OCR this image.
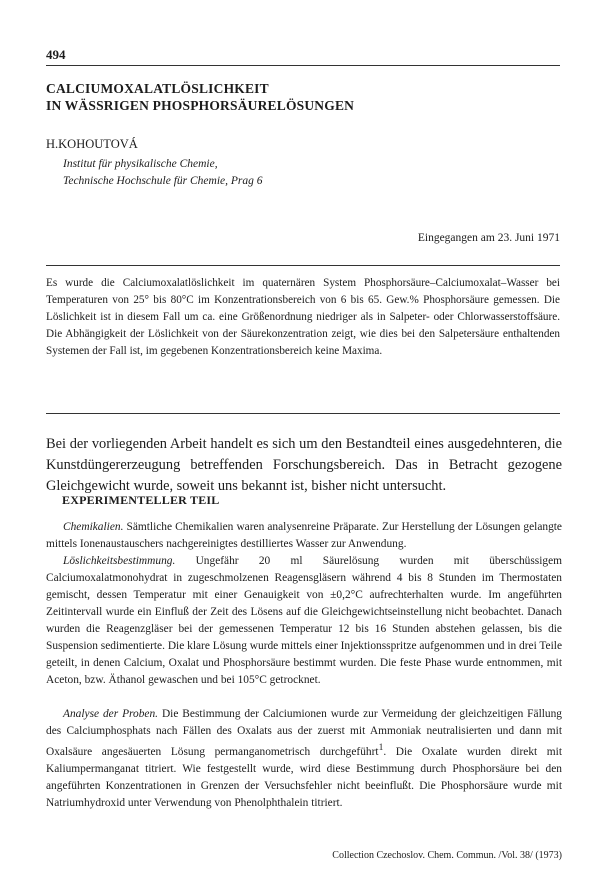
494
CALCIUMOXALATLÖSLICHKEIT
IN WÄSSRIGEN PHOSPHORSÄURELÖSUNGEN
H.KOHOUTOVÁ
Institut für physikalische Chemie,
Technische Hochschule für Chemie, Prag 6
Eingegangen am 23. Juni 1971

Es wurde die Calciumoxalatlöslichkeit im quaternären System Phosphorsäure–Calciumoxalat–Wasser bei Temperaturen von 25° bis 80°C im Konzentrationsbereich von 6 bis 65. Gew.% Phosphorsäure gemessen. Die Löslichkeit ist in diesem Fall um ca. eine Größenordnung niedriger als in Salpeter- oder Chlorwasserstoffsäure. Die Abhängigkeit der Löslichkeit von der Säurekonzentration zeigt, wie dies bei den Salpetersäure enthaltenden Systemen der Fall ist, im gegebenen Konzentrationsbereich keine Maxima.

Bei der vorliegenden Arbeit handelt es sich um den Bestandteil eines ausgedehnteren, die Kunstdüngererzeugung betreffenden Forschungsbereich. Das in Betracht gezogene Gleichgewicht wurde, soweit uns bekannt ist, bisher nicht untersucht.

EXPERIMENTELLER TEIL

Chemikalien. Sämtliche Chemikalien waren analysenreine Präparate. Zur Herstellung der Lösungen gelangte mittels Ionenaustauschers nachgereinigtes destilliertes Wasser zur Anwendung.

Löslichkeitsbestimmung. Ungefähr 20 ml Säurelösung wurden mit überschüssigem Calciumoxalatmonohydrat in zugeschmolzenen Reagensgläsern während 4 bis 8 Stunden im Thermostaten gemischt, dessen Temperatur mit einer Genauigkeit von ±0,2°C aufrechterhalten wurde. Im angeführten Zeitintervall wurde ein Einfluß der Zeit des Lösens auf die Gleichgewichtseinstellung nicht beobachtet. Danach wurden die Reagenzgläser bei der gemessenen Temperatur 12 bis 16 Stunden abstehen gelassen, bis die Suspension sedimentierte. Die klare Lösung wurde mittels einer Injektionsspritze aufgenommen und in drei Teile geteilt, in denen Calcium, Oxalat und Phosphorsäure bestimmt wurden. Die feste Phase wurde entnommen, mit Aceton, bzw. Äthanol gewaschen und bei 105°C getrocknet.

Analyse der Proben. Die Bestimmung der Calciumionen wurde zur Vermeidung der gleichzeitigen Fällung des Calciumphosphats nach Fällen des Oxalats aus der zuerst mit Ammoniak neutralisierten und dann mit Oxalsäure angesäuerten Lösung permanganometrisch durchgeführt$^1$. Die Oxalate wurden direkt mit Kaliumpermanganat titriert. Wie festgestellt wurde, wird diese Bestimmung durch Phosphorsäure bei den angeführten Konzentrationen in Grenzen der Versuchsfehler nicht beeinflußt. Die Phosphorsäure wurde mit Natriumhydroxid unter Verwendung von Phenolphthalein titriert.

Collection Czechoslov. Chem. Commun. /Vol. 38/ (1973)
